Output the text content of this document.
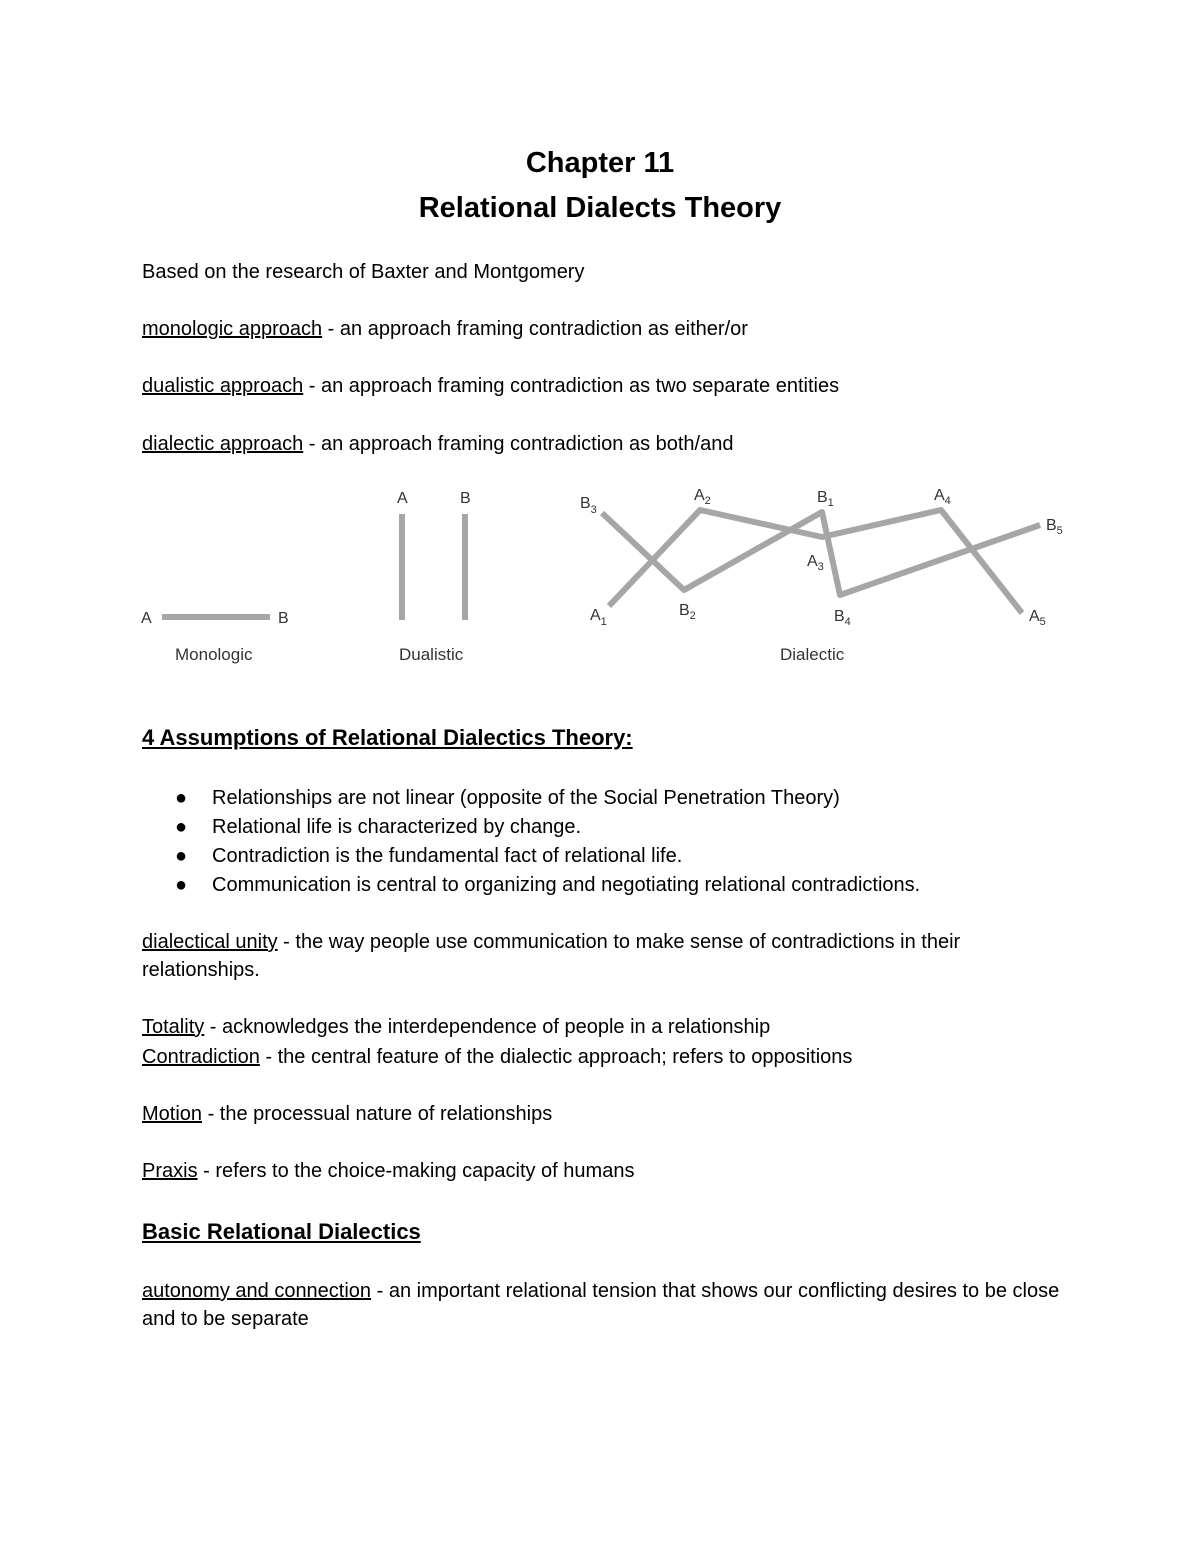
Chapter 11
Relational Dialects Theory
Based on the research of Baxter and Montgomery
monologic approach - an approach framing contradiction as either/or
dualistic approach - an approach framing contradiction as two separate entities
dialectic approach - an approach framing contradiction as both/and
A	B
Monologic
A	B
Dualistic
$B_3$
$A_2$	$B_1$	$A_4$
$B_5$
$A_3$
$A_1$
$B_2$	$B_4$	$A_5$
Dialectic
4 Assumptions of Relational Dialectics Theory:
● Relationships are not linear (opposite of the Social Penetration Theory)
● Relational life is characterized by change.
● Contradiction is the fundamental fact of relational life.
● Communication is central to organizing and negotiating relational contradictions.
dialectical unity - the way people use communication to make sense of contradictions in their relationships.
Totality - acknowledges the interdependence of people in a relationship
Contradiction - the central feature of the dialectic approach; refers to oppositions
Motion - the processual nature of relationships
Praxis - refers to the choice-making capacity of humans
Basic Relational Dialectics
autonomy and connection - an important relational tension that shows our conflicting desires to be close and to be separate
